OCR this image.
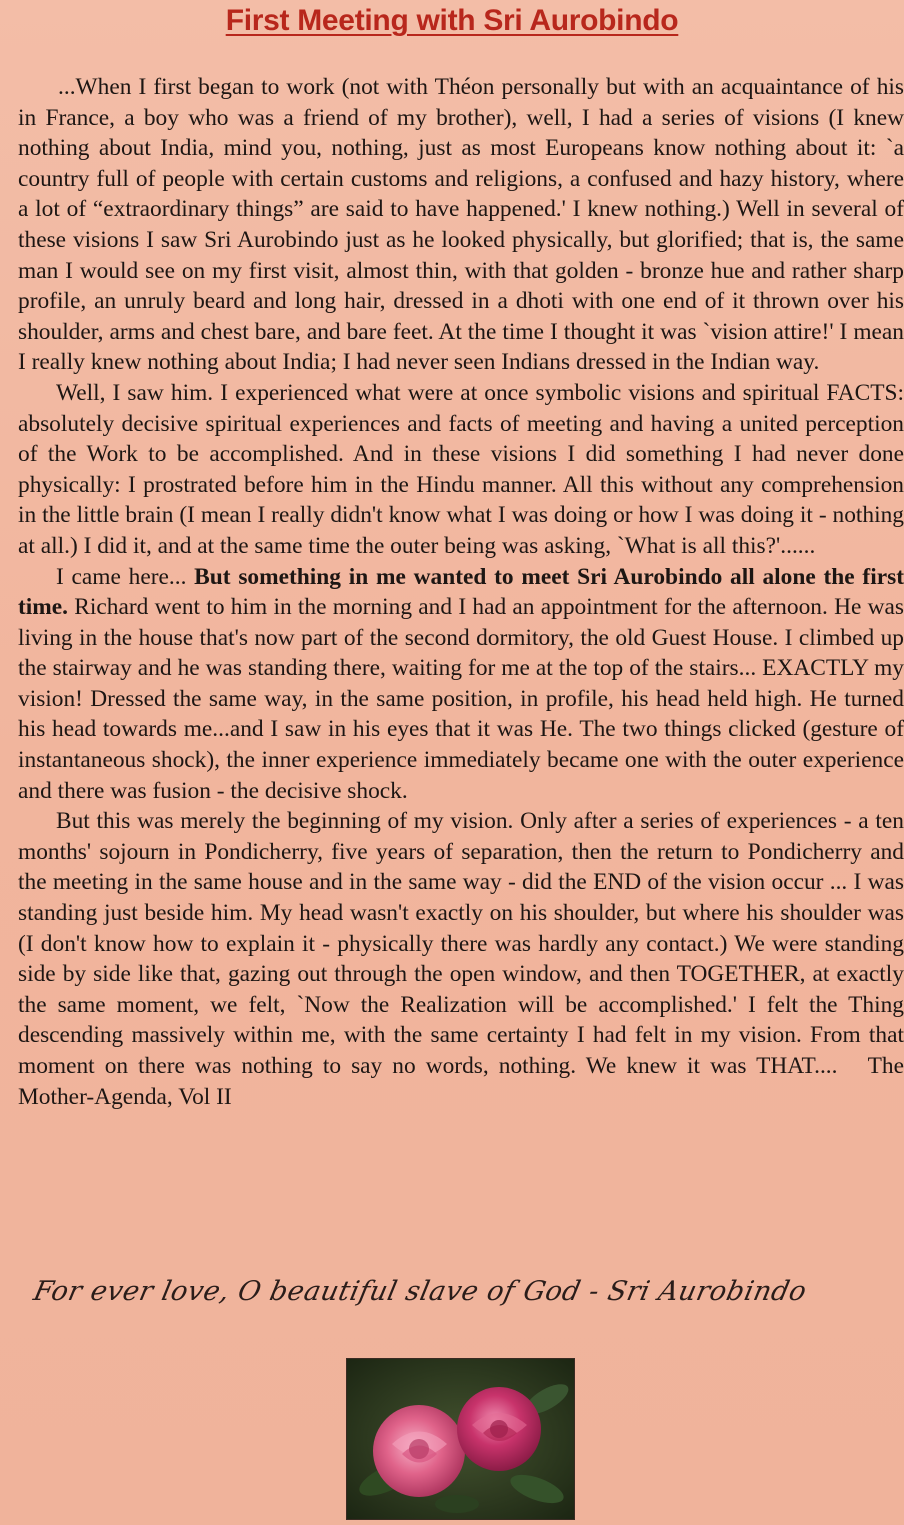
First Meeting with Sri Aurobindo

...When I first began to work (not with Théon personally but with an acquaintance of his in France, a boy who was a friend of my brother), well, I had a series of visions (I knew nothing about India, mind you, nothing, just as most Europeans know nothing about it: `a country full of people with certain customs and religions, a confused and hazy history, where a lot of “extraordinary things” are said to have happened.' I knew nothing.) Well in several of these visions I saw Sri Aurobindo just as he looked physically, but glorified; that is, the same man I would see on my first visit, almost thin, with that golden - bronze hue and rather sharp profile, an unruly beard and long hair, dressed in a dhoti with one end of it thrown over his shoulder, arms and chest bare, and bare feet. At the time I thought it was `vision attire!' I mean I really knew nothing about India; I had never seen Indians dressed in the Indian way.

Well, I saw him. I experienced what were at once symbolic visions and spiritual FACTS: absolutely decisive spiritual experiences and facts of meeting and having a united perception of the Work to be accomplished. And in these visions I did something I had never done physically: I prostrated before him in the Hindu manner. All this without any comprehension in the little brain (I mean I really didn't know what I was doing or how I was doing it - nothing at all.) I did it, and at the same time the outer being was asking, `What is all this?'......

I came here... But something in me wanted to meet Sri Aurobindo all alone the first time. Richard went to him in the morning and I had an appointment for the afternoon. He was living in the house that's now part of the second dormitory, the old Guest House. I climbed up the stairway and he was standing there, waiting for me at the top of the stairs... EXACTLY my vision! Dressed the same way, in the same position, in profile, his head held high. He turned his head towards me...and I saw in his eyes that it was He. The two things clicked (gesture of instantaneous shock), the inner experience immediately became one with the outer experience and there was fusion - the decisive shock.

But this was merely the beginning of my vision. Only after a series of experiences - a ten months' sojourn in Pondicherry, five years of separation, then the return to Pondicherry and the meeting in the same house and in the same way - did the END of the vision occur ... I was standing just beside him. My head wasn't exactly on his shoulder, but where his shoulder was (I don't know how to explain it - physically there was hardly any contact.) We were standing side by side like that, gazing out through the open window, and then TOGETHER, at exactly the same moment, we felt, `Now the Realization will be accomplished.' I felt the Thing descending massively within me, with the same certainty I had felt in my vision. From that moment on there was nothing to say no words, nothing. We knew it was THAT.... The Mother-Agenda, Vol II

For ever love, O beautiful slave of God - Sri Aurobindo
